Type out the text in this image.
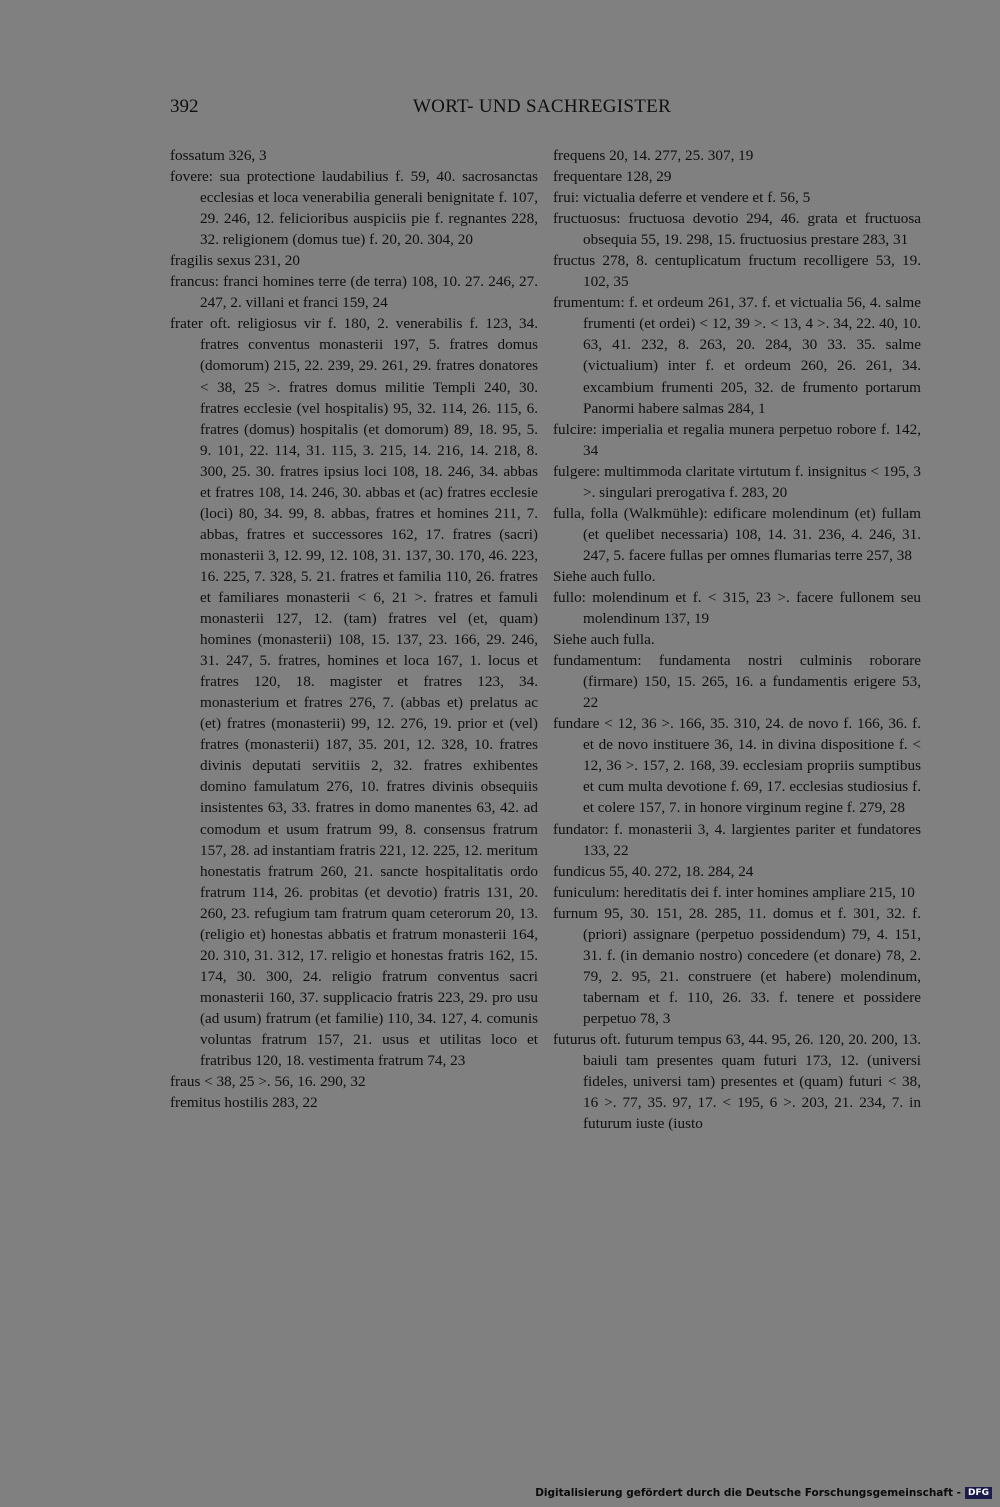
392	WORT- UND SACHREGISTER

fossatum 326, 3

fovere: sua protectione laudabilius f. 59, 40. sacrosanctas ecclesias et loca venerabilia generali benignitate f. 107, 29. 246, 12. felicioribus auspiciis pie f. regnantes 228, 32. religionem (domus tue) f. 20, 20. 304, 20

fragilis sexus 231, 20

francus: franci homines terre (de terra) 108, 10. 27. 246, 27. 247, 2. villani et franci 159, 24

frater oft. religiosus vir f. 180, 2. venerabilis f. 123, 34. fratres conventus monasterii 197, 5. fratres domus (domorum) 215, 22. 239, 29. 261, 29. fratres donatores < 38, 25 >. fratres domus militie Templi 240, 30. fratres ecclesie (vel hospitalis) 95, 32. 114, 26. 115, 6. fratres (domus) hospitalis (et domorum) 89, 18. 95, 5. 9. 101, 22. 114, 31. 115, 3. 215, 14. 216, 14. 218, 8. 300, 25. 30. fratres ipsius loci 108, 18. 246, 34. abbas et fratres 108, 14. 246, 30. abbas et (ac) fratres ecclesie (loci) 80, 34. 99, 8. abbas, fratres et homines 211, 7. abbas, fratres et successores 162, 17. fratres (sacri) monasterii 3, 12. 99, 12. 108, 31. 137, 30. 170, 46. 223, 16. 225, 7. 328, 5. 21. fratres et familia 110, 26. fratres et familiares monasterii < 6, 21 >. fratres et famuli monasterii 127, 12. (tam) fratres vel (et, quam) homines (monasterii) 108, 15. 137, 23. 166, 29. 246, 31. 247, 5. fratres, homines et loca 167, 1. locus et fratres 120, 18. magister et fratres 123, 34. monasterium et fratres 276, 7. (abbas et) prelatus ac (et) fratres (monasterii) 99, 12. 276, 19. prior et (vel) fratres (monasterii) 187, 35. 201, 12. 328, 10. fratres divinis deputati servitiis 2, 32. fratres exhibentes domino famulatum 276, 10. fratres divinis obsequiis insistentes 63, 33. fratres in domo manentes 63, 42. ad comodum et usum fratrum 99, 8. consensus fratrum 157, 28. ad instantiam fratris 221, 12. 225, 12. meritum honestatis fratrum 260, 21. sancte hospitalitatis ordo fratrum 114, 26. probitas (et devotio) fratris 131, 20. 260, 23. refugium tam fratrum quam ceterorum 20, 13. (religio et) honestas abbatis et fratrum monasterii 164, 20. 310, 31. 312, 17. religio et honestas fratris 162, 15. 174, 30. 300, 24. religio fratrum conventus sacri monasterii 160, 37. supplicacio fratris 223, 29. pro usu (ad usum) fratrum (et familie) 110, 34. 127, 4. comunis voluntas fratrum 157, 21. usus et utilitas loco et fratribus 120, 18. vestimenta fratrum 74, 23

fraus < 38, 25 >. 56, 16. 290, 32

fremitus hostilis 283, 22

frequens 20, 14. 277, 25. 307, 19

frequentare 128, 29

frui: victualia deferre et vendere et f. 56, 5

fructuosus: fructuosa devotio 294, 46. grata et fructuosa obsequia 55, 19. 298, 15. fructuosius prestare 283, 31

fructus 278, 8. centuplicatum fructum recolligere 53, 19. 102, 35

frumentum: f. et ordeum 261, 37. f. et victualia 56, 4. salme frumenti (et ordei) < 12, 39 >. < 13, 4 >. 34, 22. 40, 10. 63, 41. 232, 8. 263, 20. 284, 30 33. 35. salme (victualium) inter f. et ordeum 260, 26. 261, 34. excambium frumenti 205, 32. de frumento portarum Panormi habere salmas 284, 1

fulcire: imperialia et regalia munera perpetuo robore f. 142, 34

fulgere: multimmoda claritate virtutum f. insignitus < 195, 3 >. singulari prerogativa f. 283, 20

fulla, folla (Walkmühle): edificare molendinum (et) fullam (et quelibet necessaria) 108, 14. 31. 236, 4. 246, 31. 247, 5. facere fullas per omnes flumarias terre 257, 38

Siehe auch fullo.

fullo: molendinum et f. < 315, 23 >. facere fullonem seu molendinum 137, 19

Siehe auch fulla.

fundamentum: fundamenta nostri culminis roborare (firmare) 150, 15. 265, 16. a fundamentis erigere 53, 22

fundare < 12, 36 >. 166, 35. 310, 24. de novo f. 166, 36. f. et de novo instituere 36, 14. in divina dispositione f. < 12, 36 >. 157, 2. 168, 39. ecclesiam propriis sumptibus et cum multa devotione f. 69, 17. ecclesias studiosius f. et colere 157, 7. in honore virginum regine f. 279, 28

fundator: f. monasterii 3, 4. largientes pariter et fundatores 133, 22

fundicus 55, 40. 272, 18. 284, 24

funiculum: hereditatis dei f. inter homines ampliare 215, 10

furnum 95, 30. 151, 28. 285, 11. domus et f. 301, 32. f. (priori) assignare (perpetuo possidendum) 79, 4. 151, 31. f. (in demanio nostro) concedere (et donare) 78, 2. 79, 2. 95, 21. construere (et habere) molendinum, tabernam et f. 110, 26. 33. f. tenere et possidere perpetuo 78, 3

futurus oft. futurum tempus 63, 44. 95, 26. 120, 20. 200, 13. baiuli tam presentes quam futuri 173, 12. (universi fideles, universi tam) presentes et (quam) futuri < 38, 16 >. 77, 35. 97, 17. < 195, 6 >. 203, 21. 234, 7. in futurum iuste (iusto

Digitalisierung gefördert durch die Deutsche Forschungsgemeinschaft - DFG
